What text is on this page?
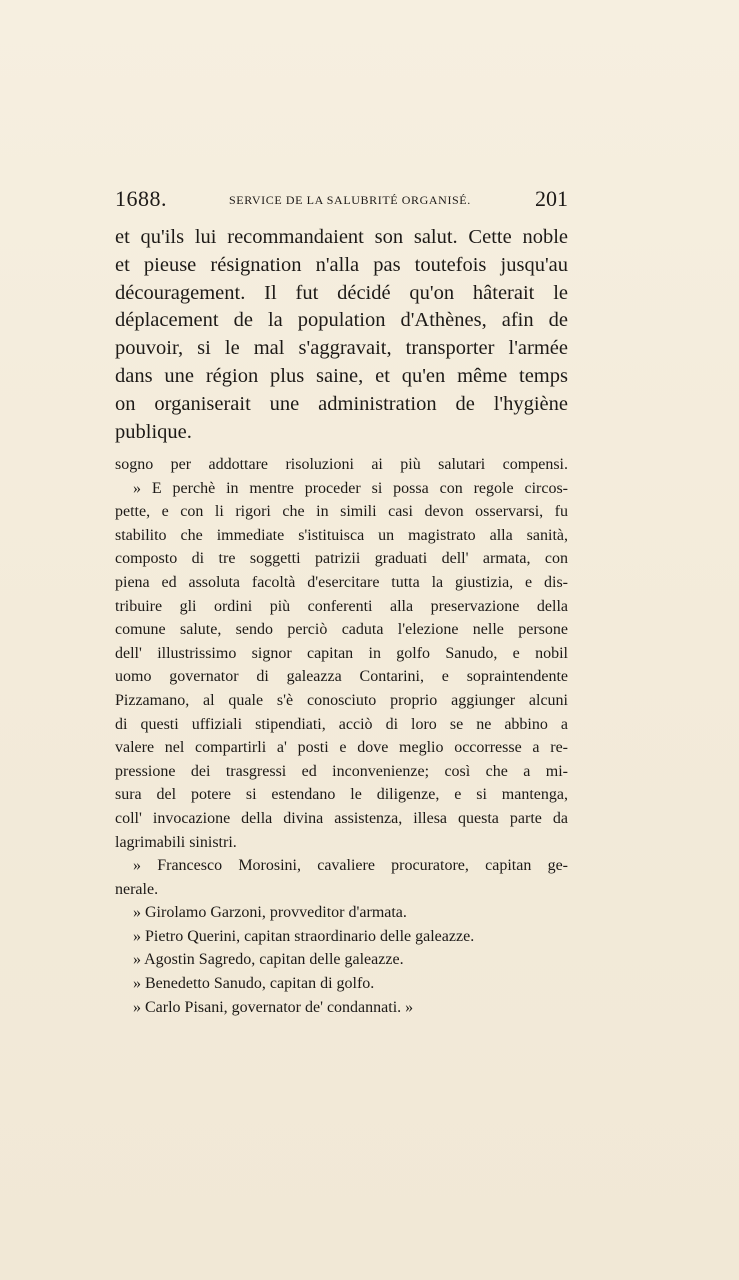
1688.	SERVICE DE LA SALUBRITÉ ORGANISÉ.	201
et qu'ils lui recommandaient son salut. Cette noble
et pieuse résignation n'alla pas toutefois jusqu'au
découragement. Il fut décidé qu'on hâterait le
déplacement de la population d'Athènes, afin de
pouvoir, si le mal s'aggravait, transporter l'armée
dans une région plus saine, et qu'en même temps
on organiserait une administration de l'hygiène
publique.
sogno per addottare risoluzioni ai più salutari compensi.
» E perchè in mentre proceder si possa con regole circos-
pette, e con li rigori che in simili casi devon osservarsi, fu
stabilito che immediate s'istituisca un magistrato alla sanità,
composto di tre soggetti patrizii graduati dell' armata, con
piena ed assoluta facoltà d'esercitare tutta la giustizia, e dis-
tribuire gli ordini più conferenti alla preservazione della
comune salute, sendo perciò caduta l'elezione nelle persone
dell' illustrissimo signor capitan in golfo Sanudo, e nobil
uomo governator di galeazza Contarini, e sopraintendente
Pizzamano, al quale s'è conosciuto proprio aggiunger alcuni
di questi uffiziali stipendiati, acciò di loro se ne abbino a
valere nel compartirli a' posti e dove meglio occorresse a re-
pressione dei trasgressi ed inconvenienze; così che a mi-
sura del potere si estendano le diligenze, e si mantenga,
coll' invocazione della divina assistenza, illesa questa parte da
lagrimabili sinistri.
» Francesco Morosini, cavaliere procuratore, capitan ge-
nerale.
» Girolamo Garzoni, provveditor d'armata.
» Pietro Querini, capitan straordinario delle galeazze.
» Agostin Sagredo, capitan delle galeazze.
» Benedetto Sanudo, capitan di golfo.
» Carlo Pisani, governator de' condannati. »
